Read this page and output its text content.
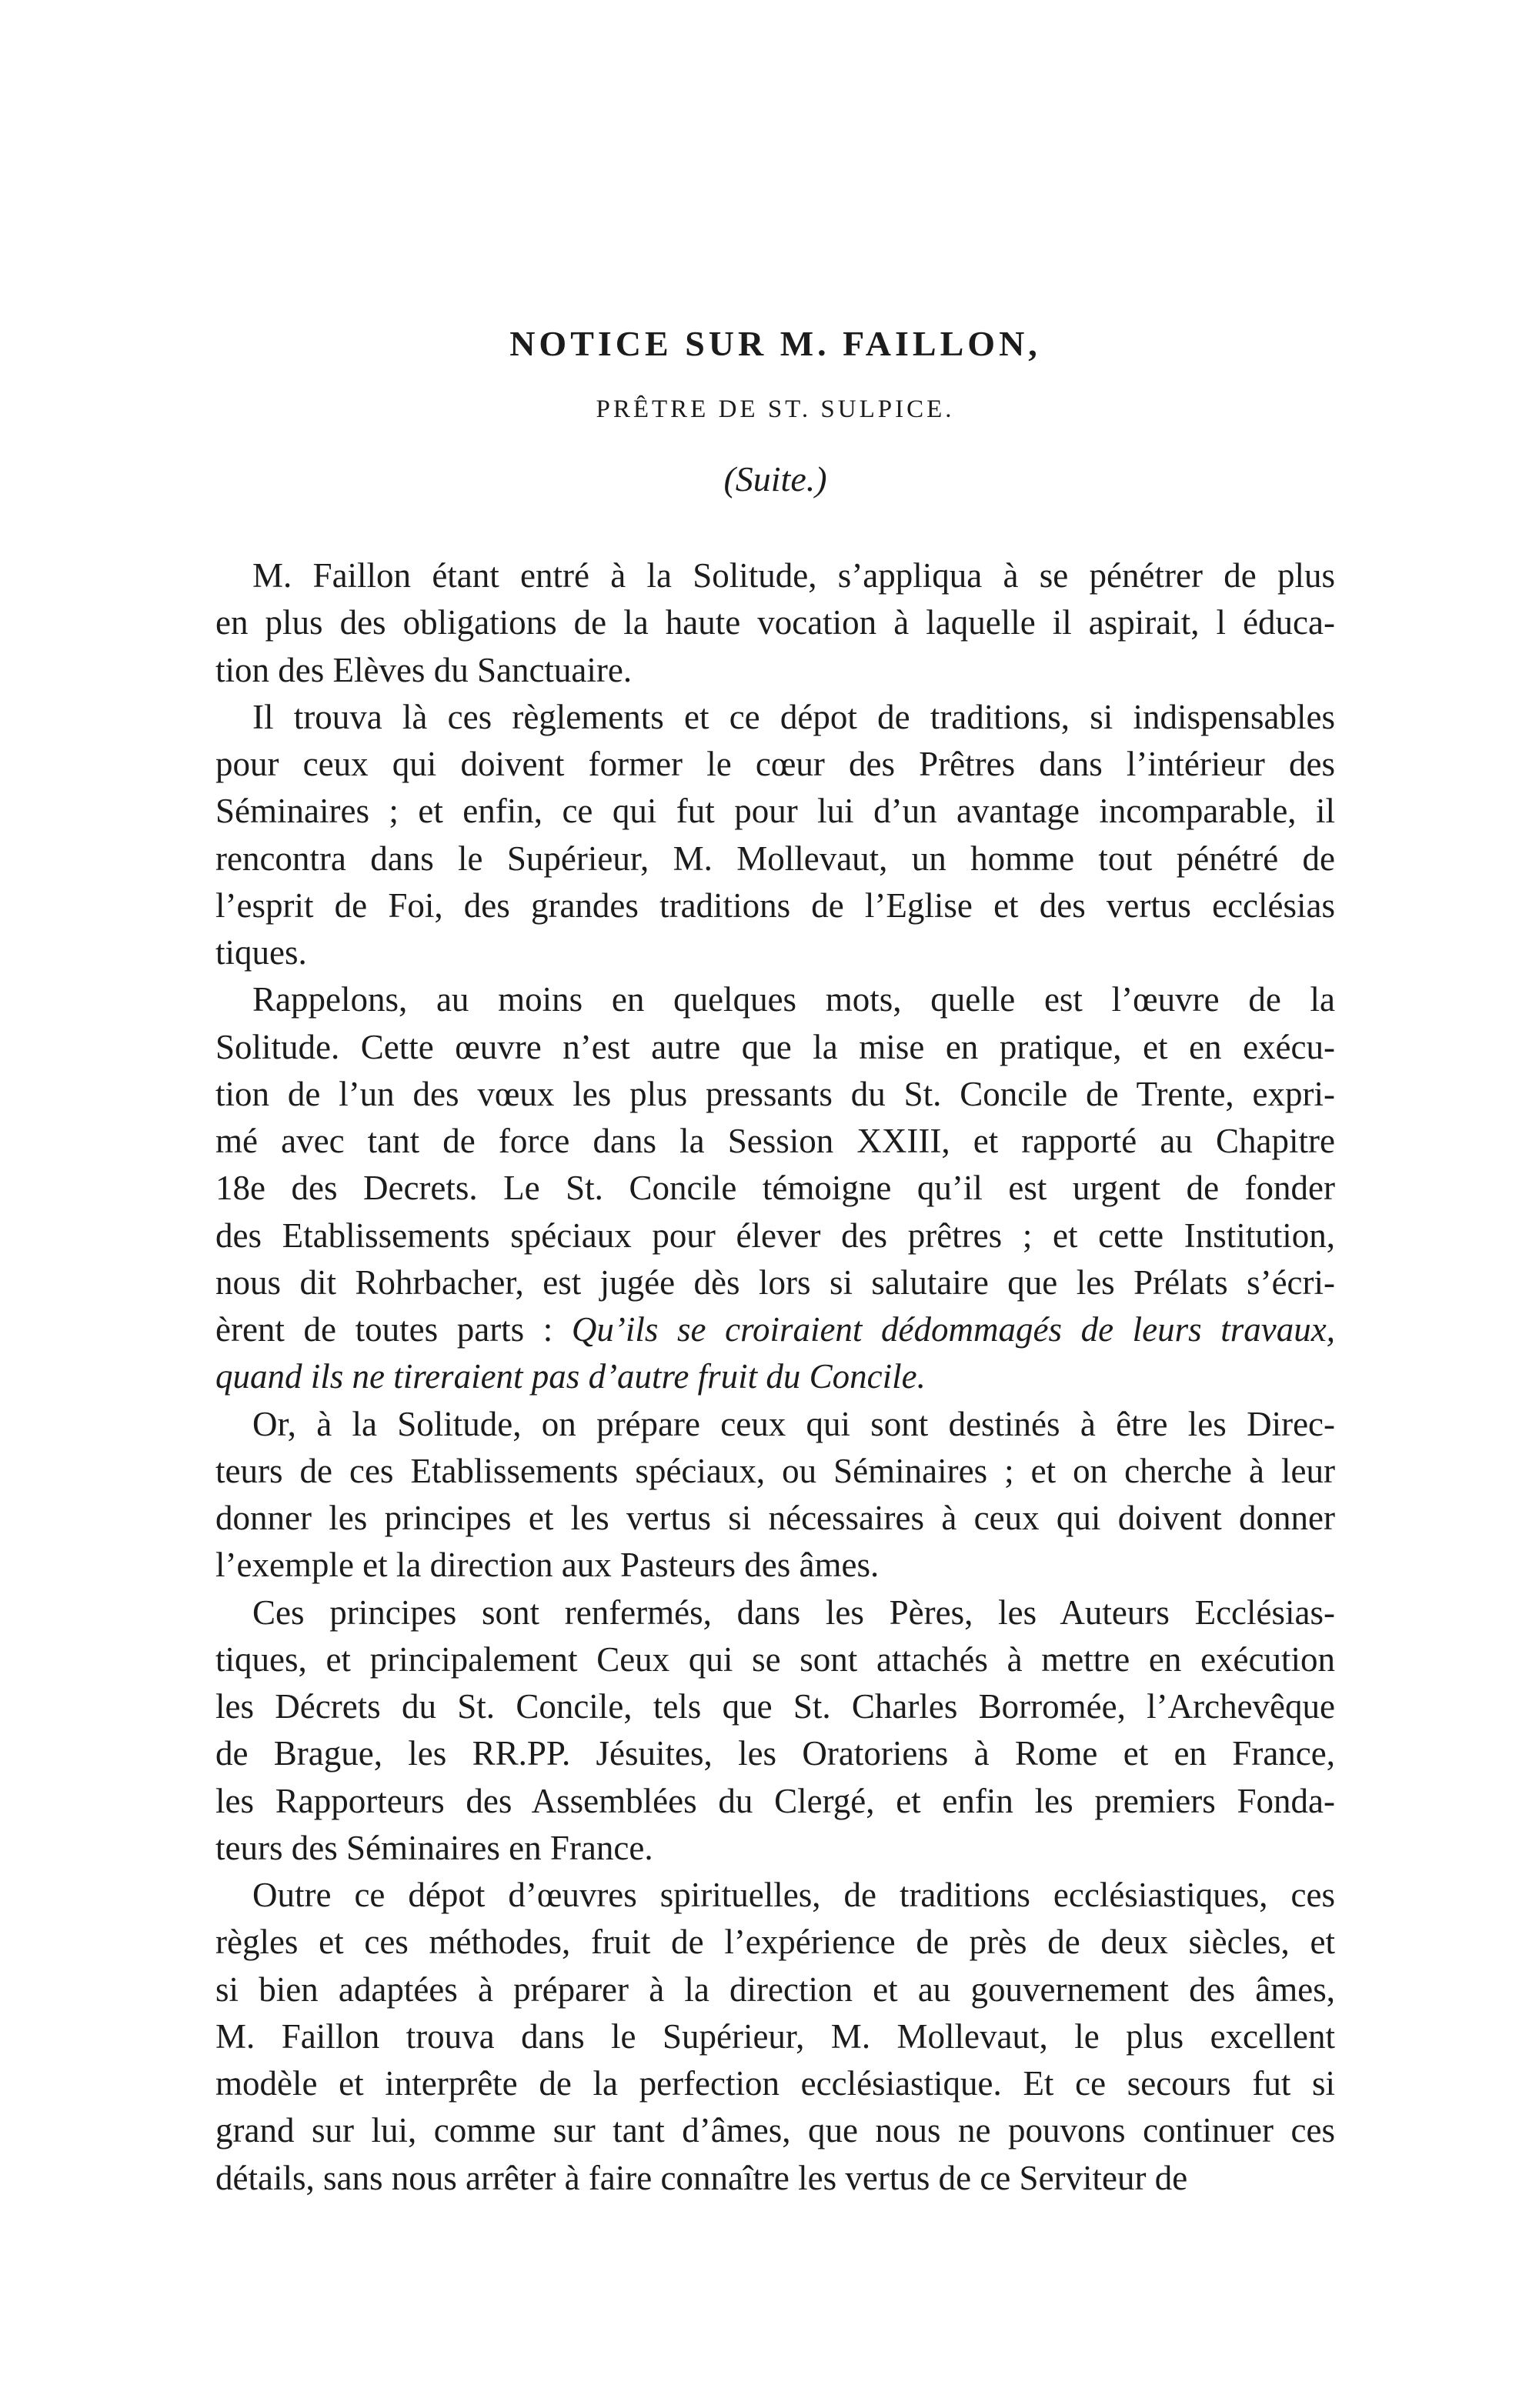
NOTICE SUR M. FAILLON,
PRÊTRE DE ST. SULPICE.
(Suite.)
M. Faillon étant entré à la Solitude, s’appliqua à se pénétrer de plus
en plus des obligations de la haute vocation à laquelle il aspirait, l éduca-
tion des Elèves du Sanctuaire.
Il trouva là ces règlements et ce dépot de traditions, si indispensables
pour ceux qui doivent former le cœur des Prêtres dans l’intérieur des
Séminaires ; et enfin, ce qui fut pour lui d’un avantage incomparable, il
rencontra dans le Supérieur, M. Mollevaut, un homme tout pénétré de
l’esprit de Foi, des grandes traditions de l’Eglise et des vertus ecclésias
tiques.
Rappelons, au moins en quelques mots, quelle est l’œuvre de la
Solitude. Cette œuvre n’est autre que la mise en pratique, et en exécu-
tion de l’un des vœux les plus pressants du St. Concile de Trente, expri-
mé avec tant de force dans la Session XXIII, et rapporté au Chapitre
18e des Decrets. Le St. Concile témoigne qu’il est urgent de fonder
des Etablissements spéciaux pour élever des prêtres ; et cette Institution,
nous dit Rohrbacher, est jugée dès lors si salutaire que les Prélats s’écri-
èrent de toutes parts : Qu’ils se croiraient dédommagés de leurs travaux,
quand ils ne tireraient pas d’autre fruit du Concile.
Or, à la Solitude, on prépare ceux qui sont destinés à être les Direc-
teurs de ces Etablissements spéciaux, ou Séminaires ; et on cherche à leur
donner les principes et les vertus si nécessaires à ceux qui doivent donner
l’exemple et la direction aux Pasteurs des âmes.
Ces principes sont renfermés, dans les Pères, les Auteurs Ecclésias-
tiques, et principalement Ceux qui se sont attachés à mettre en exécution
les Décrets du St. Concile, tels que St. Charles Borromée, l’Archevêque
de Brague, les RR.PP. Jésuites, les Oratoriens à Rome et en France,
les Rapporteurs des Assemblées du Clergé, et enfin les premiers Fonda-
teurs des Séminaires en France.
Outre ce dépot d’œuvres spirituelles, de traditions ecclésiastiques, ces
règles et ces méthodes, fruit de l’expérience de près de deux siècles, et
si bien adaptées à préparer à la direction et au gouvernement des âmes,
M. Faillon trouva dans le Supérieur, M. Mollevaut, le plus excellent
modèle et interprête de la perfection ecclésiastique. Et ce secours fut si
grand sur lui, comme sur tant d’âmes, que nous ne pouvons continuer ces
détails, sans nous arrêter à faire connaître les vertus de ce Serviteur de
